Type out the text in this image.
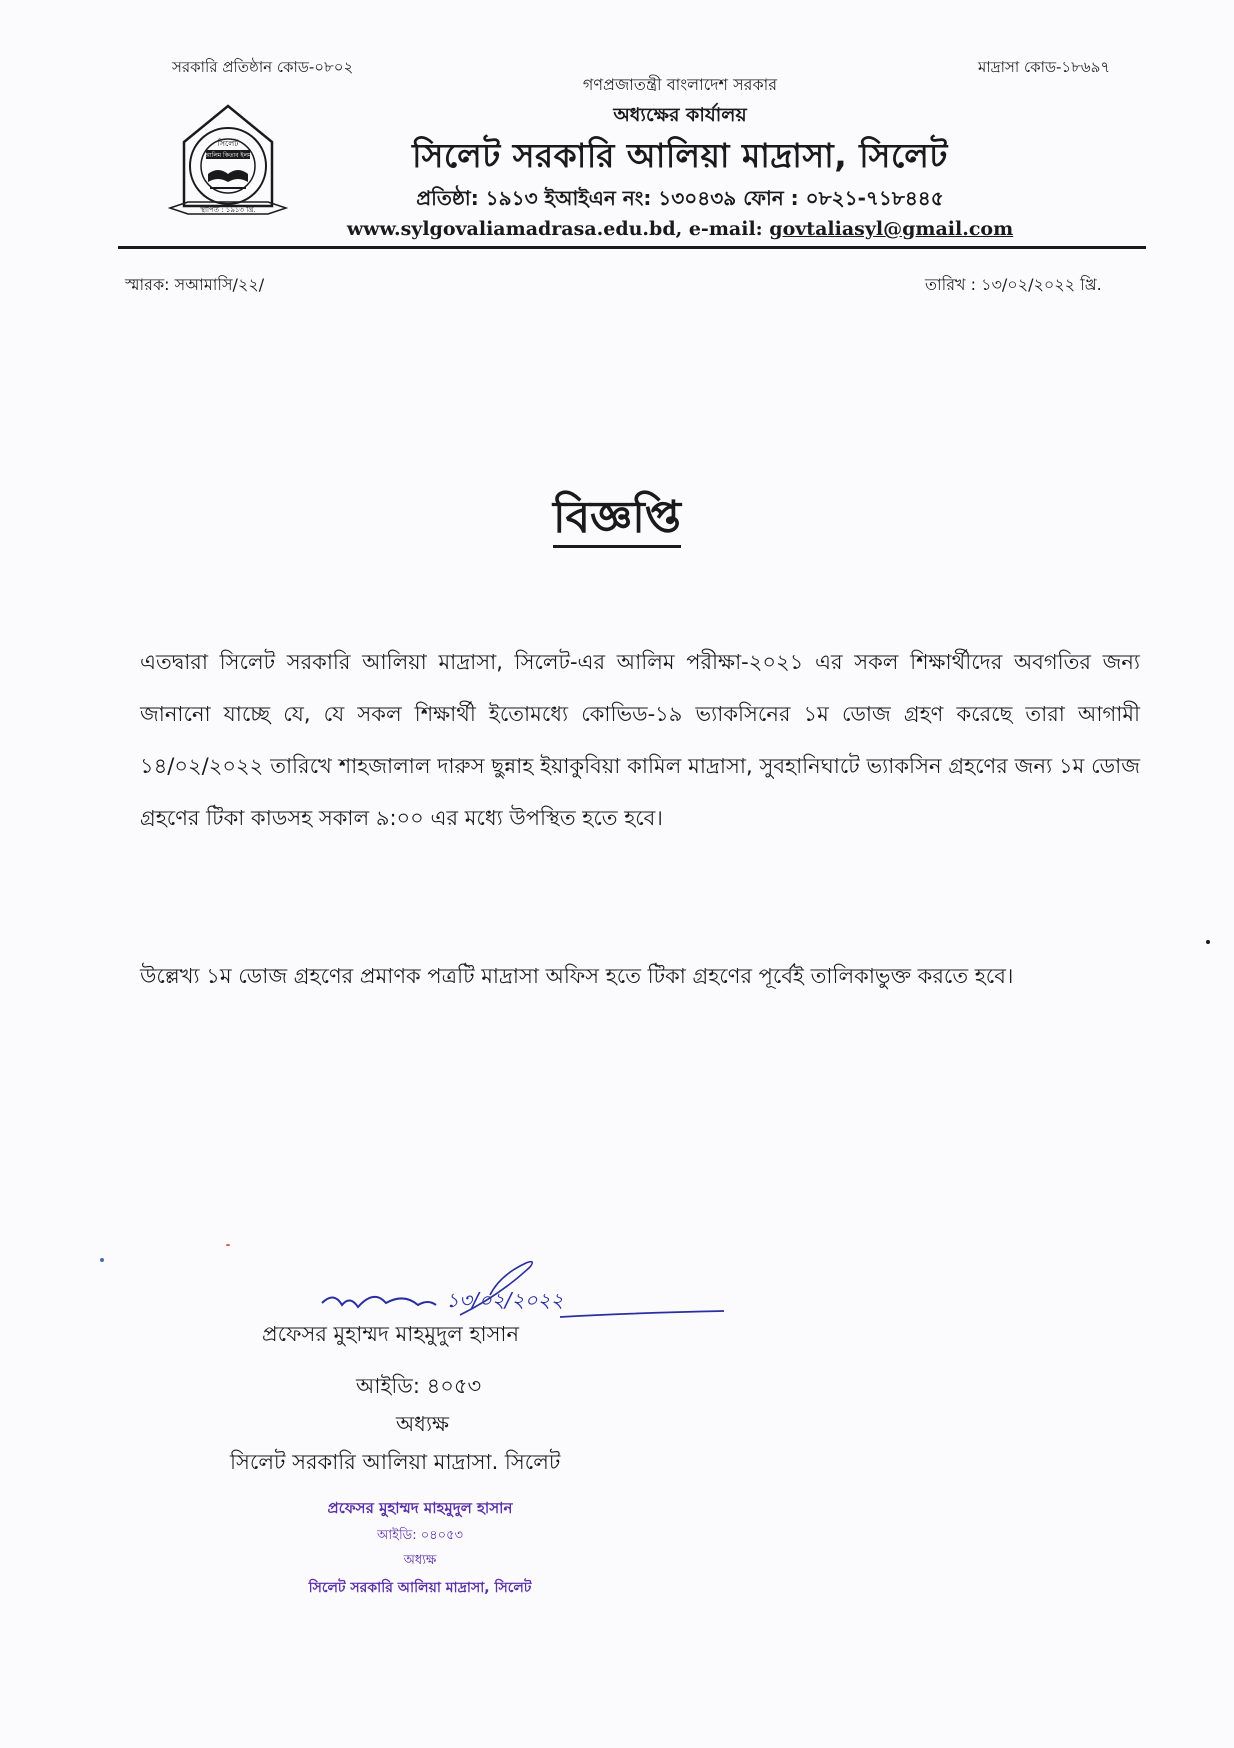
সরকারি প্রতিষ্ঠান কোড-০৮০২	মাদ্রাসা কোড-১৮৬৯৭
সিলেট
আলিম কিতাব ইলম
স্থাপিত : ১৯১৩ খ্রি.
গণপ্রজাতন্ত্রী বাংলাদেশ সরকার
অধ্যক্ষের কার্যালয়
সিলেট সরকারি আলিয়া মাদ্রাসা, সিলেট
প্রতিষ্ঠা: ১৯১৩ ইআইএন নং: ১৩০৪৩৯ ফোন : ০৮২১-৭১৮৪৪৫
www.sylgovaliamadrasa.edu.bd, e-mail: govtaliasyl@gmail.com
স্মারক: সআমাসি/২২/	তারিখ : ১৩/০২/২০২২ খ্রি.
বিজ্ঞপ্তি
এতদ্বারা সিলেট সরকারি আলিয়া মাদ্রাসা, সিলেট-এর আলিম পরীক্ষা-২০২১ এর সকল শিক্ষার্থীদের অবগতির জন্য জানানো যাচ্ছে যে, যে সকল শিক্ষার্থী ইতোমধ্যে কোভিড-১৯ ভ্যাকসিনের ১ম ডোজ গ্রহণ করেছে তারা আগামী ১৪/০২/২০২২ তারিখে শাহজালাল দারুস ছুন্নাহ ইয়াকুবিয়া কামিল মাদ্রাসা, সুবহানিঘাটে ভ্যাকসিন গ্রহণের জন্য ১ম ডোজ গ্রহণের টিকা কাডসহ সকাল ৯:০০ এর মধ্যে উপস্থিত হতে হবে।
উল্লেখ্য ১ম ডোজ গ্রহণের প্রমাণক পত্রটি মাদ্রাসা অফিস হতে টিকা গ্রহণের পূর্বেই তালিকাভুক্ত করতে হবে।
১৩/০২/২০২২
প্রফেসর মুহাম্মদ মাহমুদুল হাসান
আইডি: ৪০৫৩
অধ্যক্ষ
সিলেট সরকারি আলিয়া মাদ্রাসা. সিলেট
প্রফেসর মুহাম্মদ মাহমুদুল হাসান
আইডি: ০৪০৫৩
অধ্যক্ষ
সিলেট সরকারি আলিয়া মাদ্রাসা, সিলেট
